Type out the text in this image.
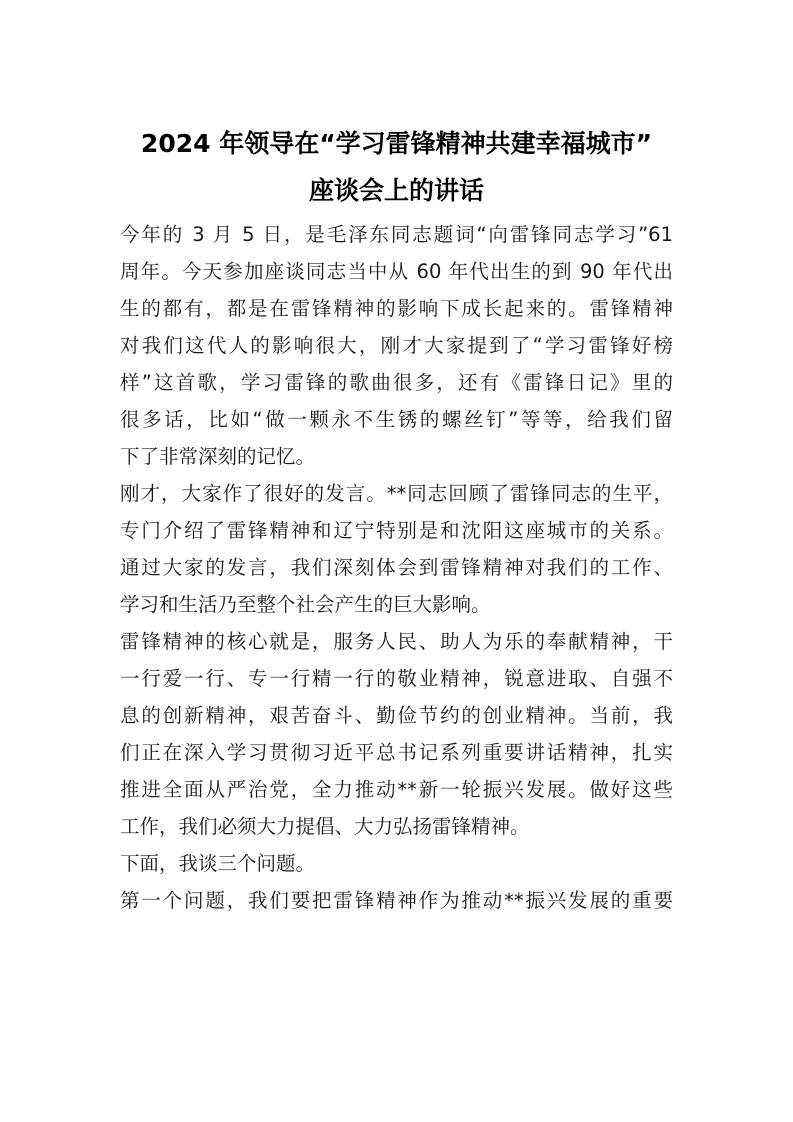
2024 年领导在“学习雷锋精神共建幸福城市”
座谈会上的讲话
今年的 3 月 5 日，是毛泽东同志题词“向雷锋同志学习”61
周年。今天参加座谈同志当中从 60 年代出生的到 90 年代出
生的都有，都是在雷锋精神的影响下成长起来的。雷锋精神
对我们这代人的影响很大，刚才大家提到了“学习雷锋好榜
样”这首歌，学习雷锋的歌曲很多，还有《雷锋日记》里的
很多话，比如“做一颗永不生锈的螺丝钉”等等，给我们留
下了非常深刻的记忆。
刚才，大家作了很好的发言。**同志回顾了雷锋同志的生平，
专门介绍了雷锋精神和辽宁特别是和沈阳这座城市的关系。
通过大家的发言，我们深刻体会到雷锋精神对我们的工作、
学习和生活乃至整个社会产生的巨大影响。
雷锋精神的核心就是，服务人民、助人为乐的奉献精神，干
一行爱一行、专一行精一行的敬业精神，锐意进取、自强不
息的创新精神，艰苦奋斗、勤俭节约的创业精神。当前，我
们正在深入学习贯彻习近平总书记系列重要讲话精神，扎实
推进全面从严治党，全力推动**新一轮振兴发展。做好这些
工作，我们必须大力提倡、大力弘扬雷锋精神。
下面，我谈三个问题。
第一个问题，我们要把雷锋精神作为推动**振兴发展的重要
